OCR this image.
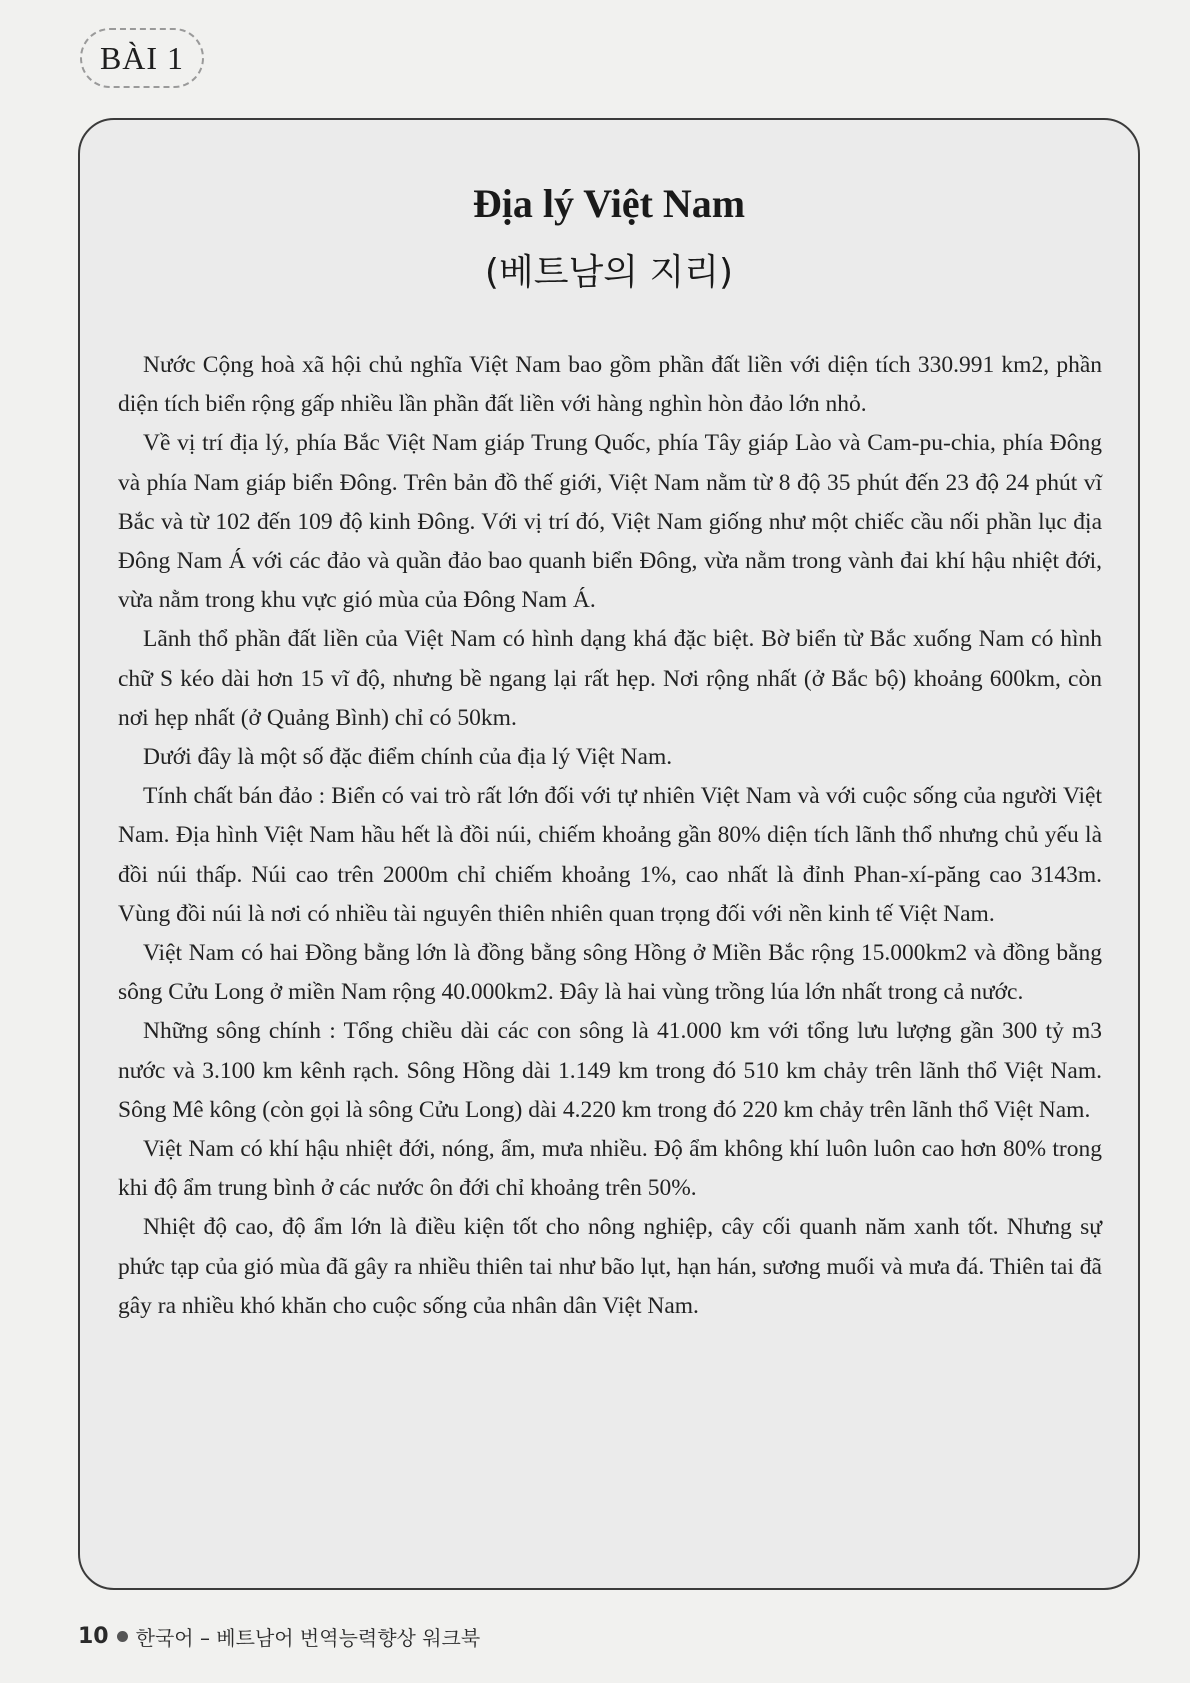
BÀI 1
Địa lý Việt Nam
(베트남의 지리)

Nước Cộng hoà xã hội chủ nghĩa Việt Nam bao gồm phần đất liền với diện tích 330.991 km2, phần diện tích biển rộng gấp nhiều lần phần đất liền với hàng nghìn hòn đảo lớn nhỏ.

Về vị trí địa lý, phía Bắc Việt Nam giáp Trung Quốc, phía Tây giáp Lào và Cam-pu-chia, phía Đông và phía Nam giáp biển Đông. Trên bản đồ thế giới, Việt Nam nằm từ 8 độ 35 phút đến 23 độ 24 phút vĩ Bắc và từ 102 đến 109 độ kinh Đông. Với vị trí đó, Việt Nam giống như một chiếc cầu nối phần lục địa Đông Nam Á với các đảo và quần đảo bao quanh biển Đông, vừa nằm trong vành đai khí hậu nhiệt đới, vừa nằm trong khu vực gió mùa của Đông Nam Á.

Lãnh thổ phần đất liền của Việt Nam có hình dạng khá đặc biệt. Bờ biển từ Bắc xuống Nam có hình chữ S kéo dài hơn 15 vĩ độ, nhưng bề ngang lại rất hẹp. Nơi rộng nhất (ở Bắc bộ) khoảng 600km, còn nơi hẹp nhất (ở Quảng Bình) chỉ có 50km.

Dưới đây là một số đặc điểm chính của địa lý Việt Nam.

Tính chất bán đảo : Biển có vai trò rất lớn đối với tự nhiên Việt Nam và với cuộc sống của người Việt Nam. Địa hình Việt Nam hầu hết là đồi núi, chiếm khoảng gần 80% diện tích lãnh thổ nhưng chủ yếu là đồi núi thấp. Núi cao trên 2000m chỉ chiếm khoảng 1%, cao nhất là đỉnh Phan-xí-păng cao 3143m. Vùng đồi núi là nơi có nhiều tài nguyên thiên nhiên quan trọng đối với nền kinh tế Việt Nam.

Việt Nam có hai Đồng bằng lớn là đồng bằng sông Hồng ở Miền Bắc rộng 15.000km2 và đồng bằng sông Cửu Long ở miền Nam rộng 40.000km2. Đây là hai vùng trồng lúa lớn nhất trong cả nước.

Những sông chính : Tổng chiều dài các con sông là 41.000 km với tổng lưu lượng gần 300 tỷ m3 nước và 3.100 km kênh rạch. Sông Hồng dài 1.149 km trong đó 510 km chảy trên lãnh thổ Việt Nam. Sông Mê kông (còn gọi là sông Cửu Long) dài 4.220 km trong đó 220 km chảy trên lãnh thổ Việt Nam.

Việt Nam có khí hậu nhiệt đới, nóng, ẩm, mưa nhiều. Độ ẩm không khí luôn luôn cao hơn 80% trong khi độ ẩm trung bình ở các nước ôn đới chỉ khoảng trên 50%.

Nhiệt độ cao, độ ẩm lớn là điều kiện tốt cho nông nghiệp, cây cối quanh năm xanh tốt. Nhưng sự phức tạp của gió mùa đã gây ra nhiều thiên tai như bão lụt, hạn hán, sương muối và mưa đá. Thiên tai đã gây ra nhiều khó khăn cho cuộc sống của nhân dân Việt Nam.

10 한국어 – 베트남어 번역능력향상 워크북
